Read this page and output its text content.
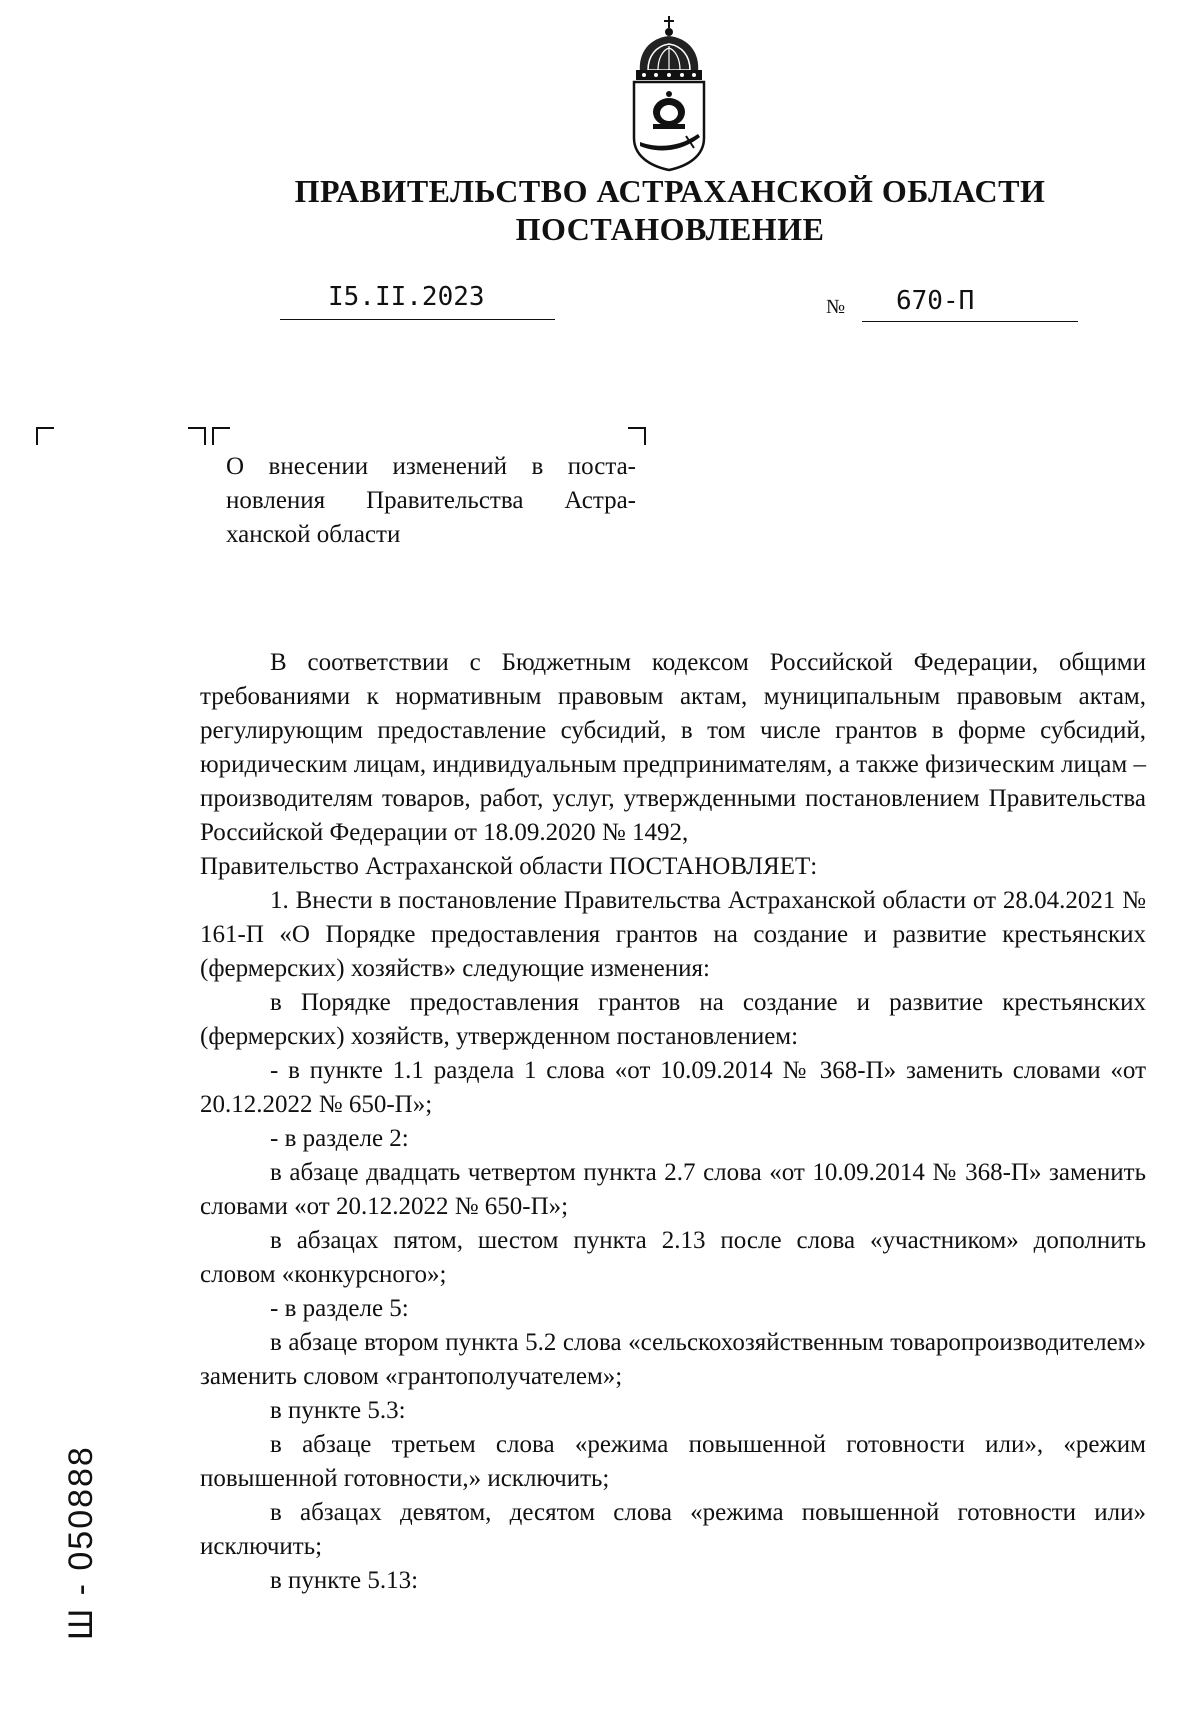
ПРАВИТЕЛЬСТВО АСТРАХАНСКОЙ ОБЛАСТИ
ПОСТАНОВЛЕНИЕ
I5.II.2023	№	670-П
О внесении изменений в поста-
новления Правительства Астра-
ханской области

В соответствии с Бюджетным кодексом Российской Федерации, общими требованиями к нормативным правовым актам, муниципальным правовым актам, регулирующим предоставление субсидий, в том числе грантов в форме субсидий, юридическим лицам, индивидуальным предпринимателям, а также физическим лицам – производителям товаров, работ, услуг, утвержденными постановлением Правительства Российской Федерации от 18.09.2020 № 1492,

Правительство Астраханской области ПОСТАНОВЛЯЕТ:

1. Внести в постановление Правительства Астраханской области от 28.04.2021 № 161-П «О Порядке предоставления грантов на создание и развитие крестьянских (фермерских) хозяйств» следующие изменения:

в Порядке предоставления грантов на создание и развитие крестьянских (фермерских) хозяйств, утвержденном постановлением:

- в пункте 1.1 раздела 1 слова «от 10.09.2014 № 368-П» заменить словами «от 20.12.2022 № 650-П»;

- в разделе 2:

в абзаце двадцать четвертом пункта 2.7 слова «от 10.09.2014 № 368-П» заменить словами «от 20.12.2022 № 650-П»;

в абзацах пятом, шестом пункта 2.13 после слова «участником» дополнить словом «конкурсного»;

- в разделе 5:

в абзаце втором пункта 5.2 слова «сельскохозяйственным товаропроизводителем» заменить словом «грантополучателем»;

в пункте 5.3:

в абзаце третьем слова «режима повышенной готовности или», «режим повышенной готовности,» исключить;

в абзацах девятом, десятом слова «режима повышенной готовности или» исключить;

в пункте 5.13:

Ш - 050888
